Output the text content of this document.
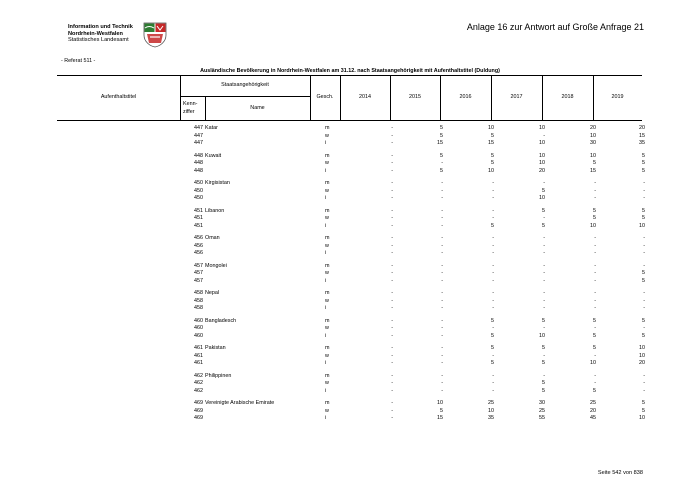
Information und Technik
Nordrhein-Westfalen
Statistisches Landesamt
Anlage 16 zur Antwort auf Große Anfrage 21
- Referat 511 -
Ausländische Bevölkerung in Nordrhein-Westfalen am 31.12. nach Staatsangehörigkeit mit Aufenthaltstitel (Duldung)
Aufenthaltstitel
Staatsangehörigkeit
Kenn-
ziffer
Name
Gesch.	2014	2015	2016	2017	2018	2019
447 Katar	m	-	5	10	10	20	20
447	w	-	5	5	-	10	15
447	i	-	15	15	10	30	35
448 Kuwait	m	-	5	5	10	10	5
448	w	-	-	5	10	5	5
448	i	-	5	10	20	15	5
450 Kirgisistan	m	-	-	-	-	-	-
450	w	-	-	-	5	-	-
450	i	-	-	-	10	-	-
451 Libanon	m	-	-	-	5	5	5
451	w	-	-	-	-	5	5
451	i	-	-	5	5	10	10
456 Oman	m	-	-	-	-	-	-
456	w	-	-	-	-	-	-
456	i	-	-	-	-	-	-
457 Mongolei	m	-	-	-	-	-	-
457	w	-	-	-	-	-	5
457	i	-	-	-	-	-	5
458 Nepal	m	-	-	-	-	-	-
458	w	-	-	-	-	-	-
458	i	-	-	-	-	-	-
460 Bangladesch	m	-	-	5	5	5	5
460	w	-	-	-	-	-	-
460	i	-	-	5	10	5	5
461 Pakistan	m	-	-	5	5	5	10
461	w	-	-	-	-	-	10
461	i	-	-	5	5	10	20
462 Philippinen	m	-	-	-	-	-	-
462	w	-	-	-	5	-	-
462	i	-	-	-	5	5	-
469 Vereinigte Arabische Emirate	m	-	10	25	30	25	5
469	w	-	5	10	25	20	5
469	i	-	15	35	55	45	10
Seite 542 von 838
